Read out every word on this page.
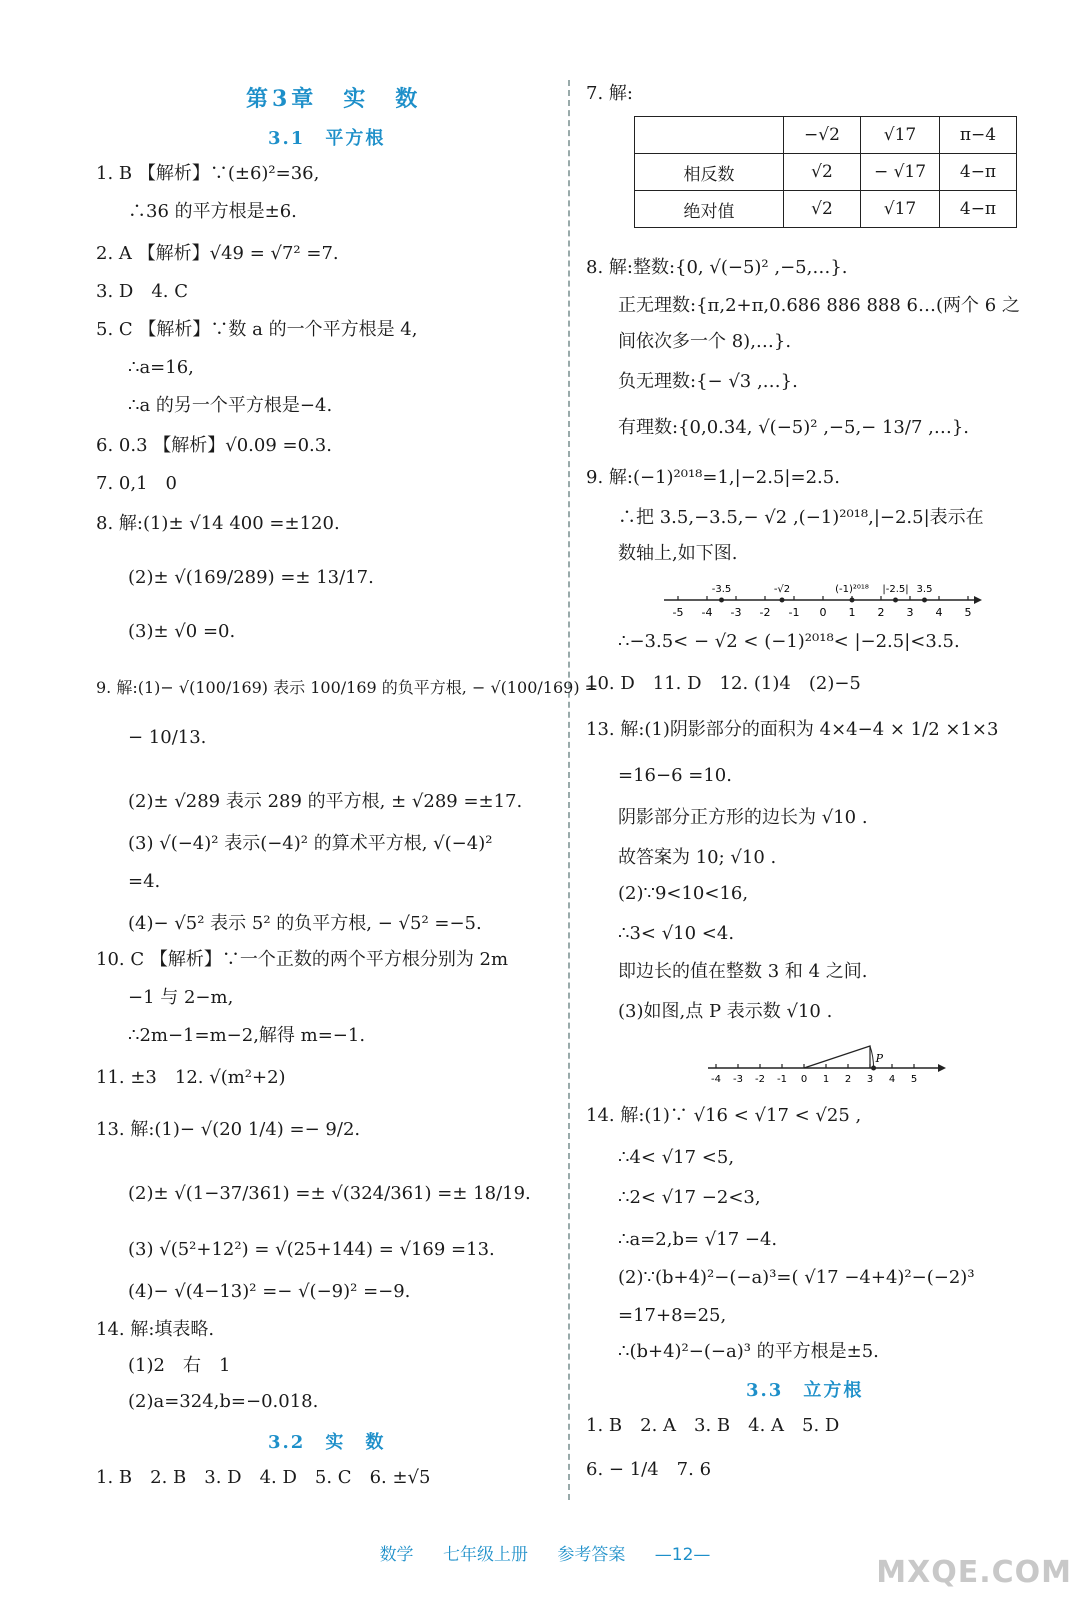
第3章　实　数
3.1　平方根
1. B 【解析】∵(±6)²=36,
∴36 的平方根是±6.
2. A 【解析】√49 = √7² =7.
3. D　4. C
5. C 【解析】∵数 a 的一个平方根是 4,
∴a=16,
∴a 的另一个平方根是−4.
6. 0.3 【解析】√0.09 =0.3.
7. 0,1　0
8. 解:(1)± √14 400 =±120.
(2)± √(169/289) =± 13/17.
(3)± √0 =0.
9. 解:(1)− √(100/169) 表示 100/169 的负平方根, − √(100/169) =
− 10/13.
(2)± √289 表示 289 的平方根, ± √289 =±17.
(3) √(−4)² 表示(−4)² 的算术平方根, √(−4)²
=4.
(4)− √5² 表示 5² 的负平方根, − √5² =−5.
10. C 【解析】∵一个正数的两个平方根分别为 2m
−1 与 2−m,
∴2m−1=m−2,解得 m=−1.
11. ±3　12. √(m²+2)
13. 解:(1)− √(20 1/4) =− 9/2.
(2)± √(1−37/361) =± √(324/361) =± 18/19.
(3) √(5²+12²) = √(25+144) = √169 =13.
(4)− √(4−13)² =− √(−9)² =−9.
14. 解:填表略.
(1)2　右　1
(2)a=324,b=−0.018.
3.2　实　数
1. B　2. B　3. D　4. D　5. C　6. ±√5
7. 解:
	−√2	√17	π−4
相反数	√2	− √17	4−π
绝对值	√2	√17	4−π
8. 解:整数:{0, √(−5)² ,−5,…}.
正无理数:{π,2+π,0.686 886 888 6…(两个 6 之
间依次多一个 8),…}.
负无理数:{− √3 ,…}.
有理数:{0,0.3̇4̇, √(−5)² ,−5,− 13/7 ,…}.
9. 解:(−1)²⁰¹⁸=1,|−2.5|=2.5.
∴把 3.5,−3.5,− √2 ,(−1)²⁰¹⁸,|−2.5|表示在
数轴上,如下图.
-5 -4 -3 -2 -1 0 1 2 3 4 5
-3.5	-√2	(-1)²⁰¹⁸ |-2.5| 3.5
∴−3.5< − √2 < (−1)²⁰¹⁸< |−2.5|<3.5.
10. D　11. D　12. (1)4　(2)−5
13. 解:(1)阴影部分的面积为 4×4−4 × 1/2 ×1×3
=16−6 =10.
阴影部分正方形的边长为 √10 .
故答案为 10; √10 .
(2)∵9<10<16,
∴3< √10 <4.
即边长的值在整数 3 和 4 之间.
(3)如图,点 P 表示数 √10 .
-4 -3 -2 -1 0 1 2 3 4 5
P
14. 解:(1)∵ √16 < √17 < √25 ,
∴4< √17 <5,
∴2< √17 −2<3,
∴a=2,b= √17 −4.
(2)∵(b+4)²−(−a)³=( √17 −4+4)²−(−2)³
=17+8=25,
∴(b+4)²−(−a)³ 的平方根是±5.
3.3　立方根
1. B　2. A　3. B　4. A　5. D
6. − 1/4　7. 6
数学 七年级上册 参考答案 —12—	MXQE.COM
